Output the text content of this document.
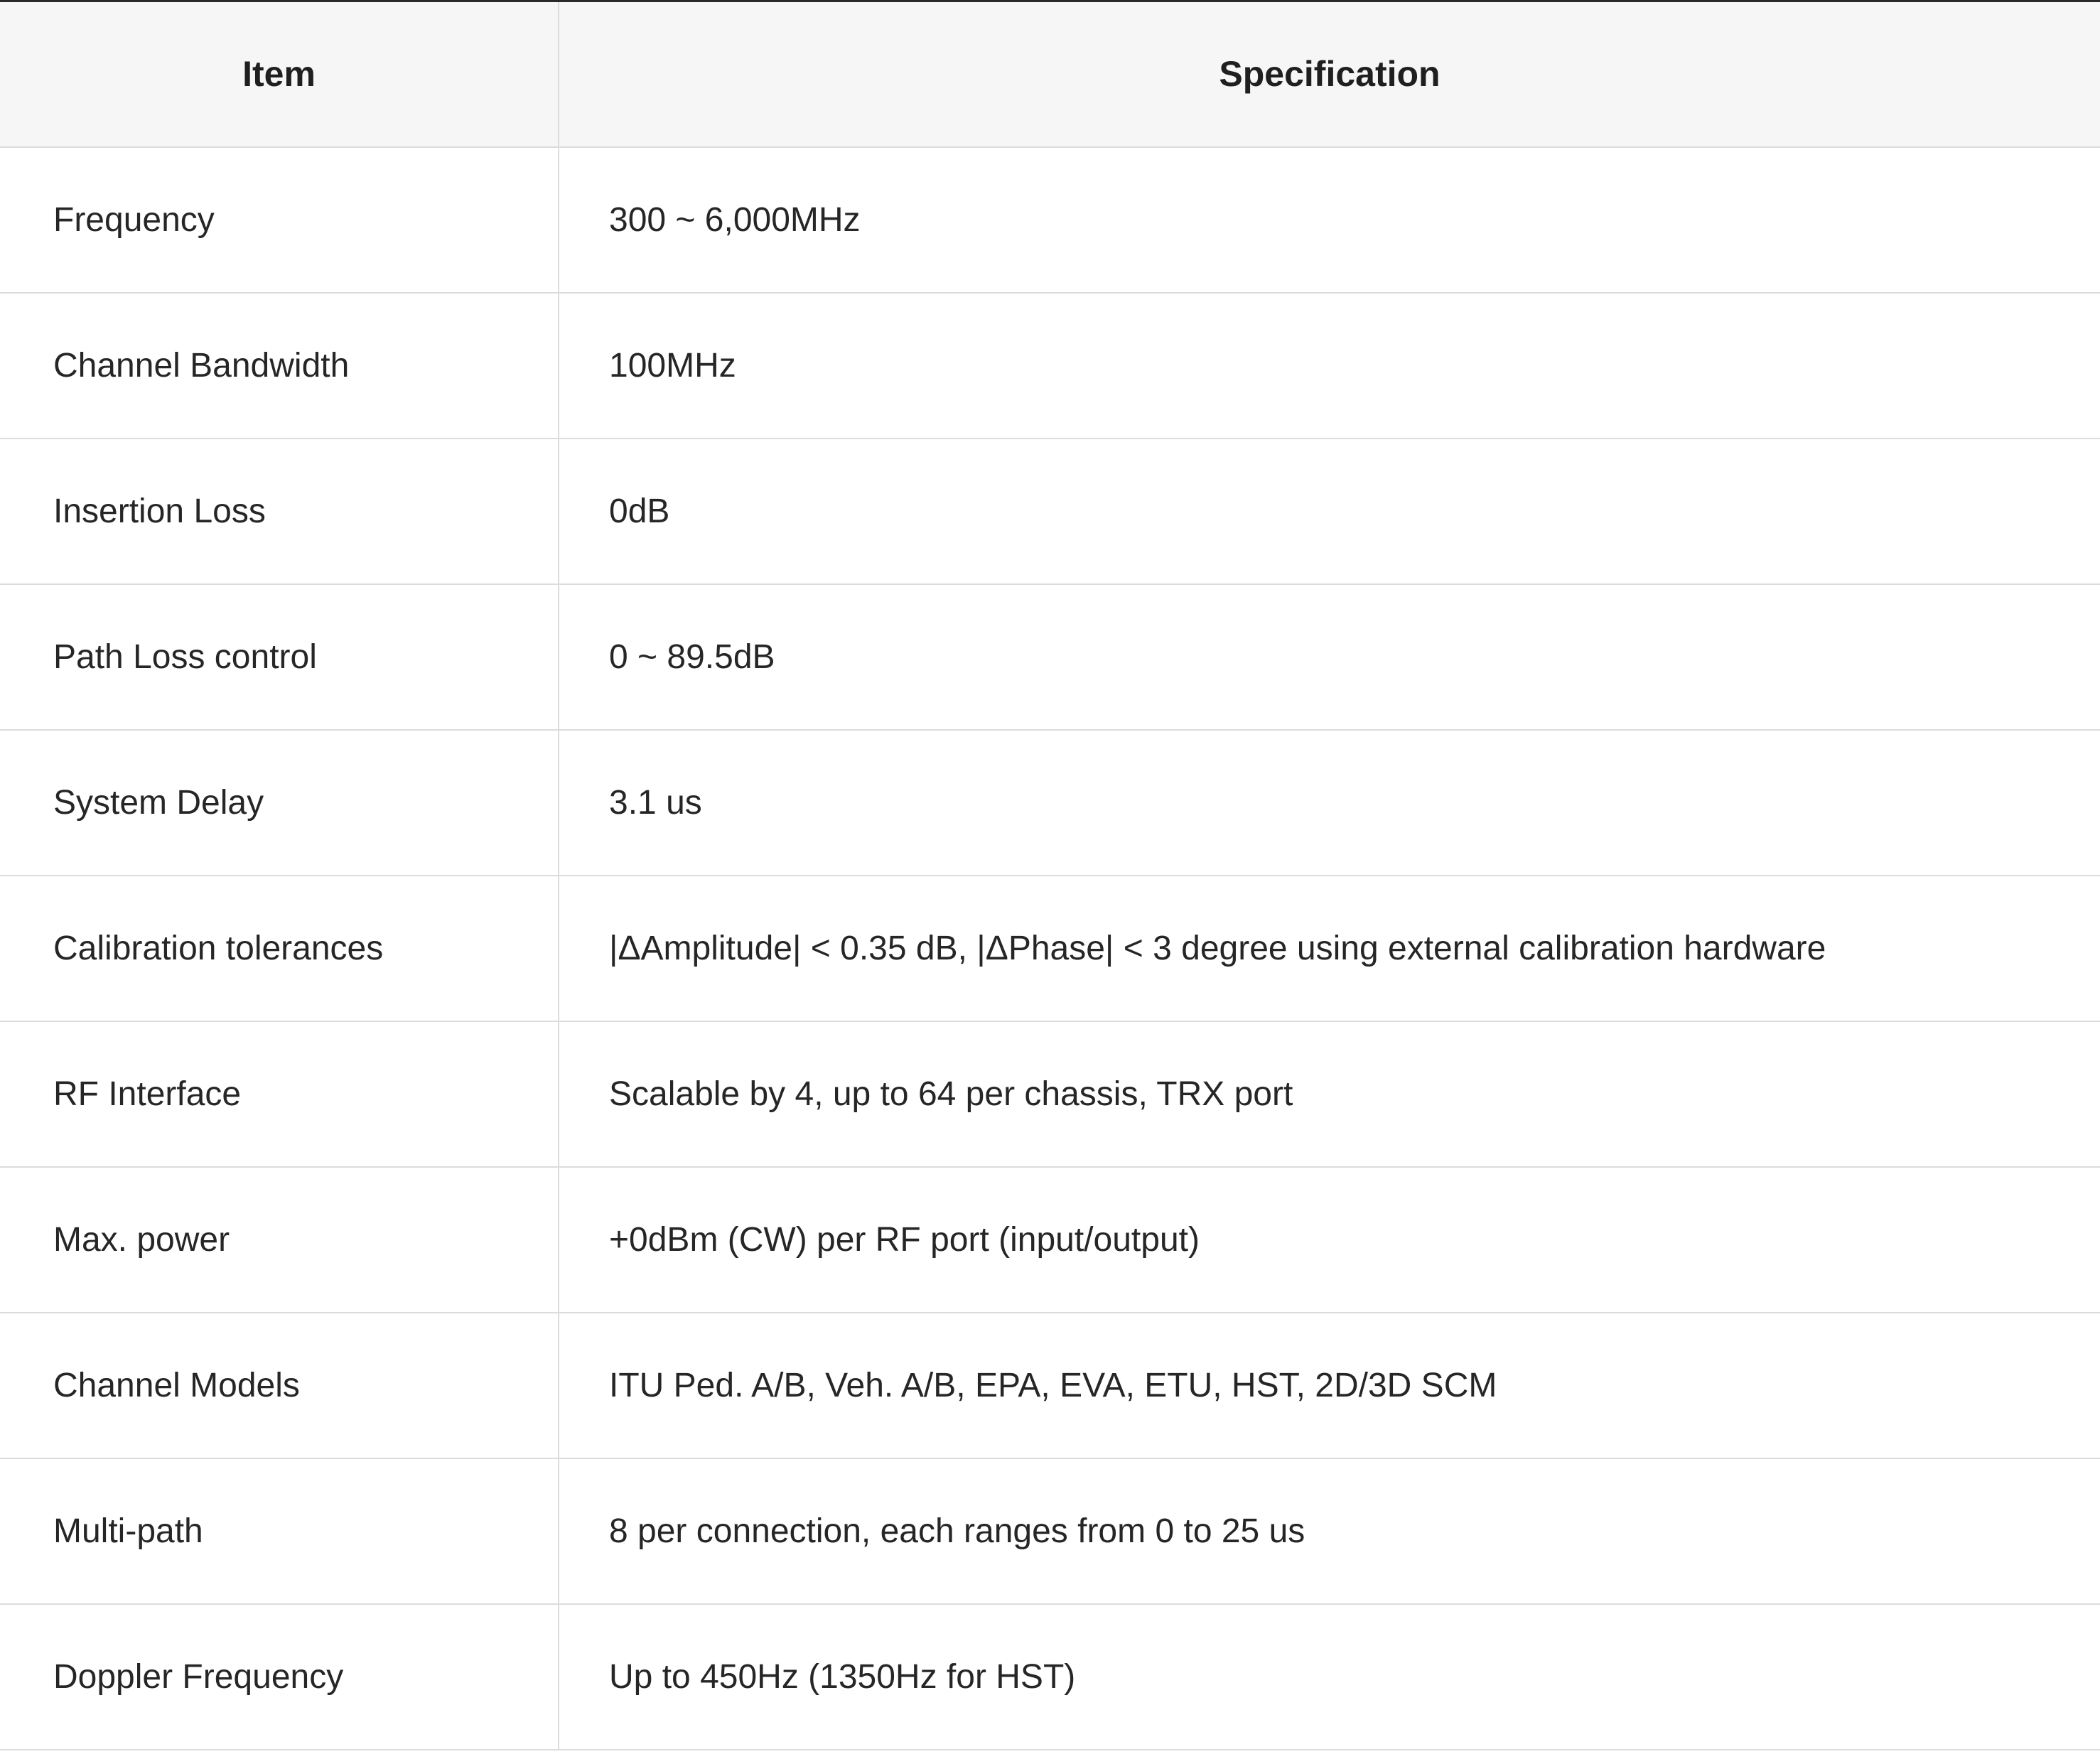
Item	Specification
Frequency	300 ~ 6,000MHz
Channel Bandwidth	100MHz
Insertion Loss	0dB
Path Loss control	0 ~ 89.5dB
System Delay	3.1 us
Calibration tolerances	|ΔAmplitude| < 0.35 dB, |ΔPhase| < 3 degree using external calibration hardware
RF Interface	Scalable by 4, up to 64 per chassis, TRX port
Max. power	+0dBm (CW) per RF port (input/output)
Channel Models	ITU Ped. A/B, Veh. A/B, EPA, EVA, ETU, HST, 2D/3D SCM
Multi-path	8 per connection, each ranges from 0 to 25 us
Doppler Frequency	Up to 450Hz (1350Hz for HST)
